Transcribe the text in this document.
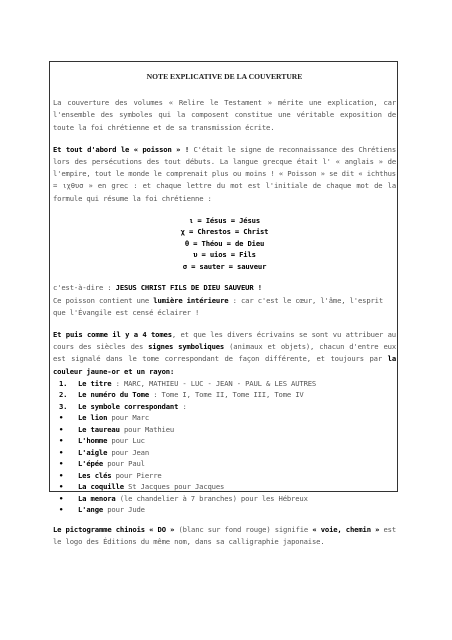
NOTE EXPLICATIVE DE LA COUVERTURE

La couverture des volumes « Relire le Testament » mérite une explication, car l'ensemble des symboles qui la composent constitue une véritable exposition de toute la foi chrétienne et de sa transmission écrite.

Et tout d'abord le « poisson » ! C'était le signe de reconnaissance des Chrétiens lors des persécutions des tout débuts. La langue grecque était l' « anglais » de l'empire, tout le monde le comprenait plus ou moins ! « Poisson » se dit « ichthus = ιχθυσ » en grec : et chaque lettre du mot est l'initiale de chaque mot de la formule qui résume la foi chrétienne :

ι = Iésus = Jésus
χ = Chrestos = Christ
θ = Théou = de Dieu
υ = uios = Fils
σ = sauter = sauveur

c'est-à-dire : JESUS CHRIST FILS DE DIEU SAUVEUR !
Ce poisson contient une lumière intérieure : car c'est le cœur, l'âme, l'esprit que l'Évangile est censé éclairer !

Et puis comme il y a 4 tomes, et que les divers écrivains se sont vu attribuer au cours des siècles des signes symboliques (animaux et objets), chacun d'entre eux est signalé dans le tome correspondant de façon différente, et toujours par la couleur jaune-or et un rayon:

1. Le titre : MARC, MATHIEU - LUC - JEAN - PAUL & LES AUTRES
2. Le numéro du Tome : Tome I, Tome II, Tome III, Tome IV
3. Le symbole correspondant :
• Le lion pour Marc
• Le taureau pour Mathieu
• L'homme pour Luc
• L'aigle pour Jean
• L'épée pour Paul
• Les clés pour Pierre
• La coquille St Jacques pour Jacques
• La menora (le chandelier à 7 branches) pour les Hébreux
• L'ange pour Jude

Le pictogramme chinois « DO » (blanc sur fond rouge) signifie « voie, chemin » est le logo des Éditions du même nom, dans sa calligraphie japonaise.
